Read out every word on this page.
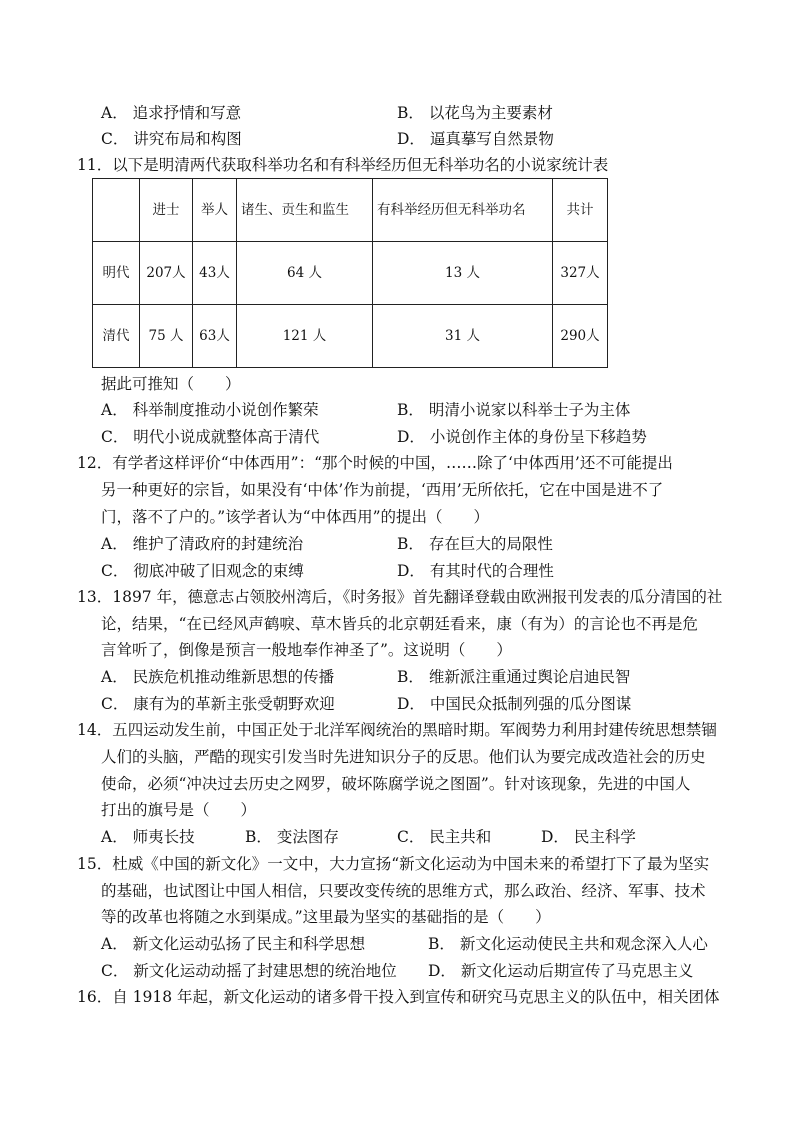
A． 追求抒情和写意	B． 以花鸟为主要素材
C． 讲究布局和构图	D． 逼真摹写自然景物
11．以下是明清两代获取科举功名和有科举经历但无科举功名的小说家统计表
	进士	举人	诸生、贡生和监生	有科举经历但无科举功名	共计
明代	207人	43人	64 人	13 人	327人
清代	75 人	63人	121 人	31 人	290人
据此可推知（　　）
A． 科举制度推动小说创作繁荣	B． 明清小说家以科举士子为主体
C． 明代小说成就整体高于清代	D． 小说创作主体的身份呈下移趋势
12．有学者这样评价“中体西用”：“那个时候的中国，……除了‘中体西用’还不可能提出
另一种更好的宗旨，如果没有‘中体’作为前提，‘西用’无所依托，它在中国是进不了
门，落不了户的。”该学者认为“中体西用”的提出（　　）
A． 维护了清政府的封建统治	B． 存在巨大的局限性
C． 彻底冲破了旧观念的束缚	D． 有其时代的合理性
13．1897 年，德意志占领胶州湾后，《时务报》首先翻译登载由欧洲报刊发表的瓜分清国的社
论，结果，“在已经风声鹤唳、草木皆兵的北京朝廷看来，康（有为）的言论也不再是危
言耸听了，倒像是预言一般地奉作神圣了”。这说明（　　）
A． 民族危机推动维新思想的传播	B． 维新派注重通过舆论启迪民智
C． 康有为的革新主张受朝野欢迎	D． 中国民众抵制列强的瓜分图谋
14．五四运动发生前，中国正处于北洋军阀统治的黑暗时期。军阀势力利用封建传统思想禁锢
人们的头脑，严酷的现实引发当时先进知识分子的反思。他们认为要完成改造社会的历史
使命，必须“冲决过去历史之网罗，破坏陈腐学说之图圄”。针对该现象，先进的中国人
打出的旗号是（　　）
A． 师夷长技	B． 变法图存	C． 民主共和	D． 民主科学
15．杜威《中国的新文化》一文中，大力宣扬“新文化运动为中国未来的希望打下了最为坚实
的基础，也试图让中国人相信，只要改变传统的思维方式，那么政治、经济、军事、技术
等的改革也将随之水到渠成。”这里最为坚实的基础指的是（　　）
A． 新文化运动弘扬了民主和科学思想	B． 新文化运动使民主共和观念深入人心
C． 新文化运动动摇了封建思想的统治地位 D． 新文化运动后期宣传了马克思主义
16．自 1918 年起，新文化运动的诸多骨干投入到宣传和研究马克思主义的队伍中，相关团体
